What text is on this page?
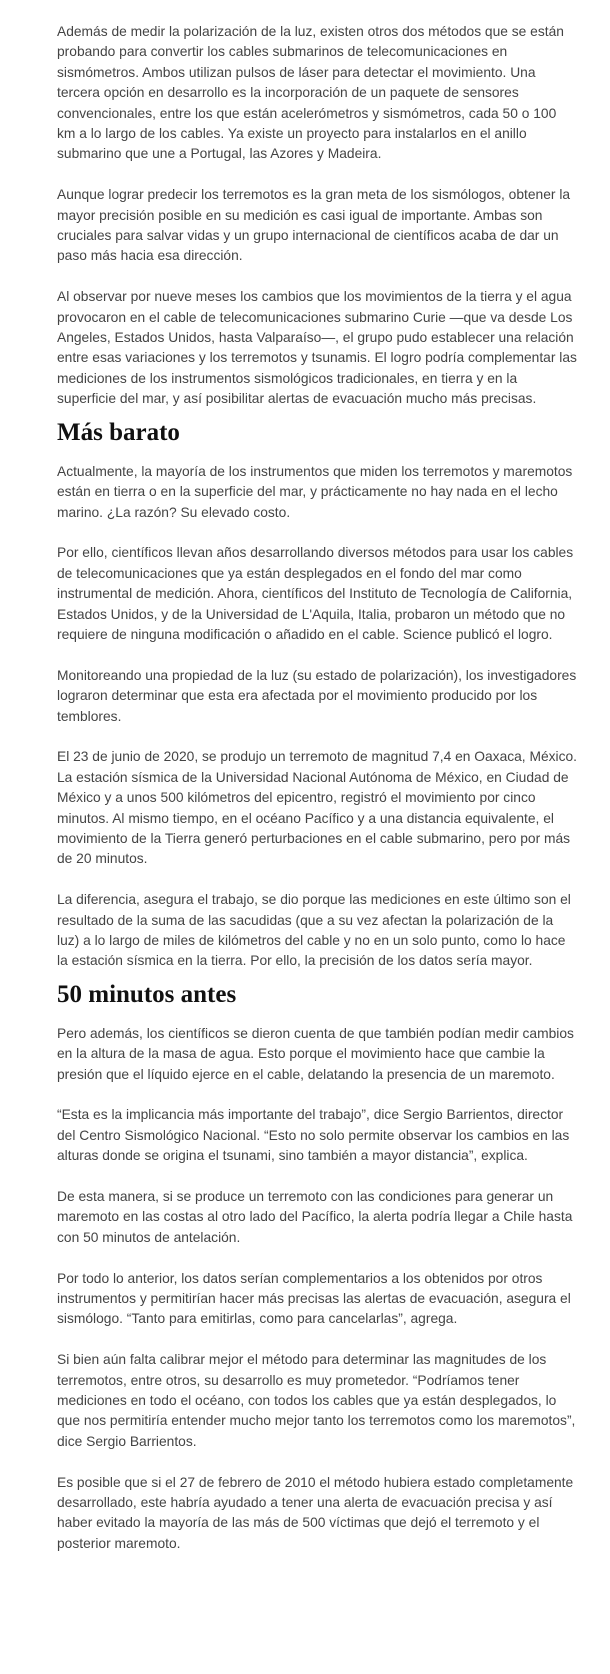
Además de medir la polarización de la luz, existen otros dos métodos que se están probando para convertir los cables submarinos de telecomunicaciones en sismómetros. Ambos utilizan pulsos de láser para detectar el movimiento. Una tercera opción en desarrollo es la incorporación de un paquete de sensores convencionales, entre los que están acelerómetros y sismómetros, cada 50 o 100 km a lo largo de los cables. Ya existe un proyecto para instalarlos en el anillo submarino que une a Portugal, las Azores y Madeira.

Aunque lograr predecir los terremotos es la gran meta de los sismólogos, obtener la mayor precisión posible en su medición es casi igual de importante. Ambas son cruciales para salvar vidas y un grupo internacional de científicos acaba de dar un paso más hacia esa dirección.

Al observar por nueve meses los cambios que los movimientos de la tierra y el agua provocaron en el cable de telecomunicaciones submarino Curie —que va desde Los Angeles, Estados Unidos, hasta Valparaíso—, el grupo pudo establecer una relación entre esas variaciones y los terremotos y tsunamis. El logro podría complementar las mediciones de los instrumentos sismológicos tradicionales, en tierra y en la superficie del mar, y así posibilitar alertas de evacuación mucho más precisas.

Más barato

Actualmente, la mayoría de los instrumentos que miden los terremotos y maremotos están en tierra o en la superficie del mar, y prácticamente no hay nada en el lecho marino. ¿La razón? Su elevado costo.

Por ello, científicos llevan años desarrollando diversos métodos para usar los cables de telecomunicaciones que ya están desplegados en el fondo del mar como instrumental de medición. Ahora, científicos del Instituto de Tecnología de California, Estados Unidos, y de la Universidad de L'Aquila, Italia, probaron un método que no requiere de ninguna modificación o añadido en el cable. Science publicó el logro.

Monitoreando una propiedad de la luz (su estado de polarización), los investigadores lograron determinar que esta era afectada por el movimiento producido por los temblores.

El 23 de junio de 2020, se produjo un terremoto de magnitud 7,4 en Oaxaca, México. La estación sísmica de la Universidad Nacional Autónoma de México, en Ciudad de México y a unos 500 kilómetros del epicentro, registró el movimiento por cinco minutos. Al mismo tiempo, en el océano Pacífico y a una distancia equivalente, el movimiento de la Tierra generó perturbaciones en el cable submarino, pero por más de 20 minutos.

La diferencia, asegura el trabajo, se dio porque las mediciones en este último son el resultado de la suma de las sacudidas (que a su vez afectan la polarización de la luz) a lo largo de miles de kilómetros del cable y no en un solo punto, como lo hace la estación sísmica en la tierra. Por ello, la precisión de los datos sería mayor.

50 minutos antes

Pero además, los científicos se dieron cuenta de que también podían medir cambios en la altura de la masa de agua. Esto porque el movimiento hace que cambie la presión que el líquido ejerce en el cable, delatando la presencia de un maremoto.

“Esta es la implicancia más importante del trabajo”, dice Sergio Barrientos, director del Centro Sismológico Nacional. “Esto no solo permite observar los cambios en las alturas donde se origina el tsunami, sino también a mayor distancia”, explica.

De esta manera, si se produce un terremoto con las condiciones para generar un maremoto en las costas al otro lado del Pacífico, la alerta podría llegar a Chile hasta con 50 minutos de antelación.

Por todo lo anterior, los datos serían complementarios a los obtenidos por otros instrumentos y permitirían hacer más precisas las alertas de evacuación, asegura el sismólogo. “Tanto para emitirlas, como para cancelarlas”, agrega.

Si bien aún falta calibrar mejor el método para determinar las magnitudes de los terremotos, entre otros, su desarrollo es muy prometedor. “Podríamos tener mediciones en todo el océano, con todos los cables que ya están desplegados, lo que nos permitiría entender mucho mejor tanto los terremotos como los maremotos”, dice Sergio Barrientos.

Es posible que si el 27 de febrero de 2010 el método hubiera estado completamente desarrollado, este habría ayudado a tener una alerta de evacuación precisa y así haber evitado la mayoría de las más de 500 víctimas que dejó el terremoto y el posterior maremoto.
